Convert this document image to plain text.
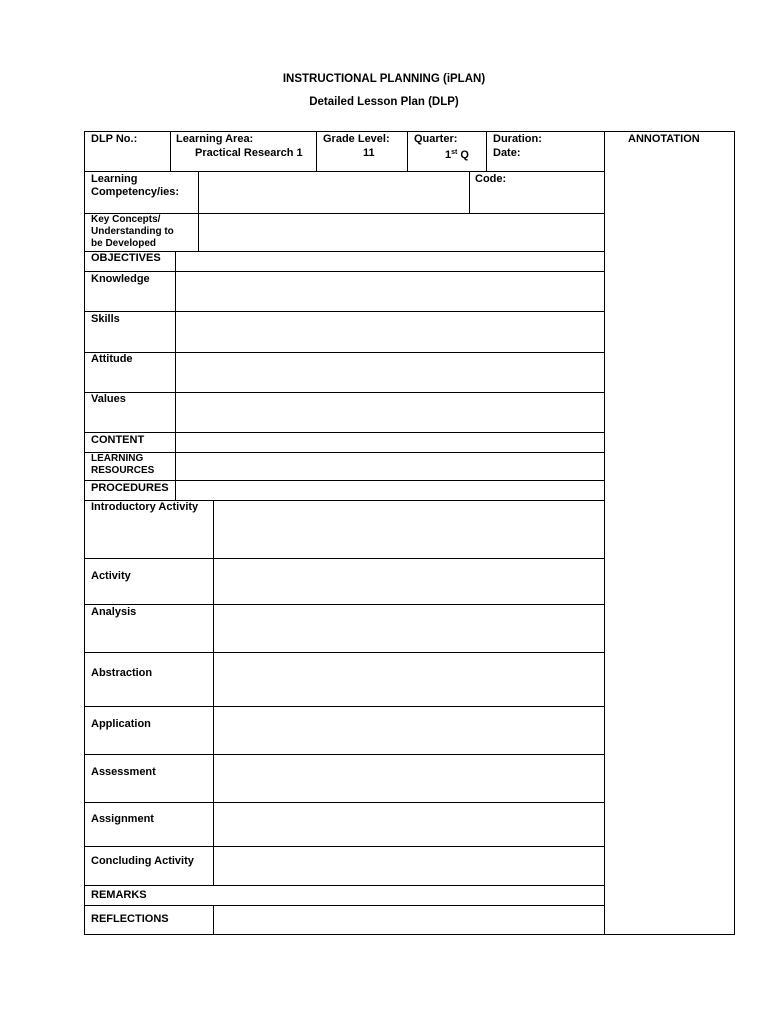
INSTRUCTIONAL PLANNING (iPLAN)
Detailed Lesson Plan (DLP)
DLP No.:	Learning Area:
Practical Research 1
Grade Level:
11
Quarter:
1st Q
Duration:
Date:
ANNOTATION
Learning
Competency/ies:
Code:
Key Concepts/
Understanding to
be Developed
OBJECTIVES
Knowledge
Skills
Attitude
Values
CONTENT
LEARNING
RESOURCES
PROCEDURES
Introductory Activity
Activity
Analysis
Abstraction
Application
Assessment
Assignment
Concluding Activity
REMARKS
REFLECTIONS
